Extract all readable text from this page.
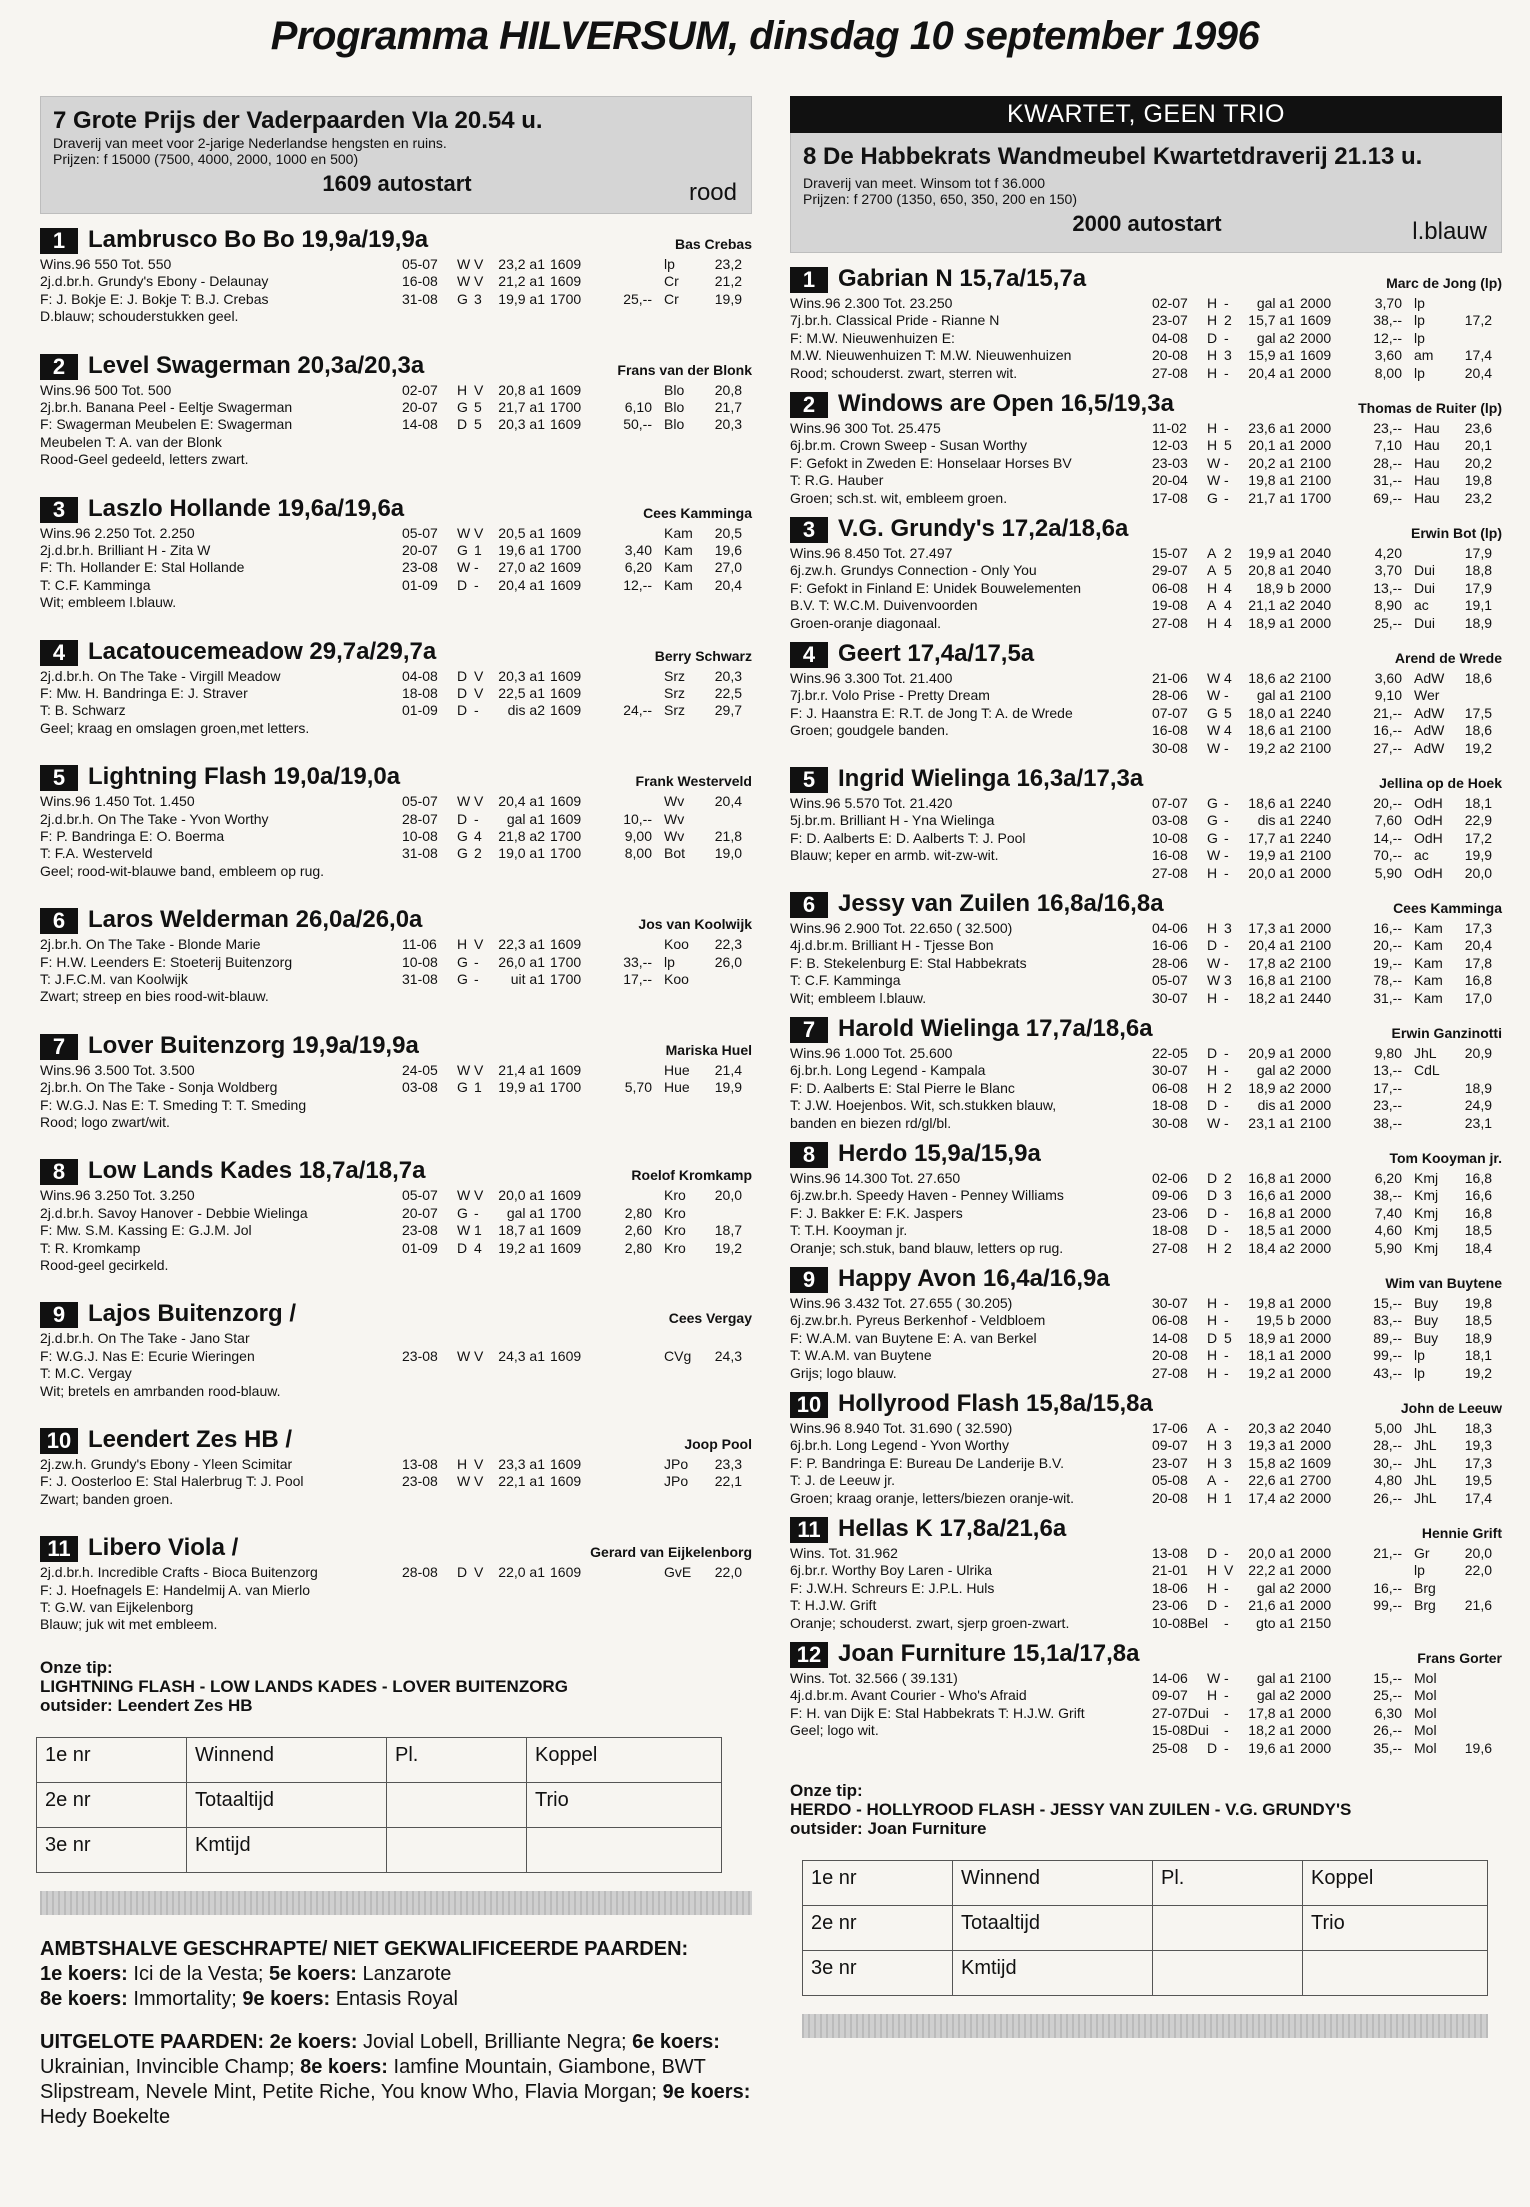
Programma HILVERSUM, dinsdag 10 september 1996
7 Grote Prijs der Vaderpaarden VIa 20.54 u.
Draverij van meet voor 2-jarige Nederlandse hengsten en ruins.
Prijzen: f 15000 (7500, 4000, 2000, 1000 en 500)
1609 autostart	rood
1 Lambrusco Bo Bo 19,9a/19,9a	Bas Crebas
Wins.96 550 Tot. 550
2j.d.br.h. Grundy's Ebony - Delaunay
F: J. Bokje E: J. Bokje T: B.J. Crebas
D.blauw; schouderstukken geel.
05-07 W V 23,2 a1 1609	lp	23,2
16-08 W V 21,2 a1 1609	Cr	21,2
31-08 G 3 19,9 a1 1700	25,-- Cr	19,9
2 Level Swagerman 20,3a/20,3a	Frans van der Blonk
Wins.96 500 Tot. 500
2j.br.h. Banana Peel - Eeltje Swagerman
F: Swagerman Meubelen E: Swagerman
Meubelen T: A. van der Blonk
Rood-Geel gedeeld, letters zwart.
02-07 H V 20,8 a1 1609	Blo 20,8
20-07 G 5 21,7 a1 1700	6,10 Blo 21,7
14-08 D 5 20,3 a1 1609	50,-- Blo 20,3
3 Laszlo Hollande 19,6a/19,6a	Cees Kamminga
Wins.96 2.250 Tot. 2.250
2j.d.br.h. Brilliant H - Zita W
F: Th. Hollander E: Stal Hollande
T: C.F. Kamminga
Wit; embleem l.blauw.
05-07 W V 20,5 a1 1609	Kam 20,5
20-07 G 1 19,6 a1 1700	3,40 Kam 19,6
23-08 W - 27,0 a2 1609	6,20 Kam 27,0
01-09 D - 20,4 a1 1609	12,-- Kam 20,4
4 Lacatoucemeadow 29,7a/29,7a	Berry Schwarz
2j.d.br.h. On The Take - Virgill Meadow
F: Mw. H. Bandringa E: J. Straver
T: B. Schwarz
Geel; kraag en omslagen groen,met letters.
04-08 D V 20,3 a1 1609	Srz 20,3
18-08 D V 22,5 a1 1609	Srz 22,5
01-09 D - dis a2 1609	24,-- Srz 29,7
5 Lightning Flash 19,0a/19,0a	Frank Westerveld
Wins.96 1.450 Tot. 1.450
2j.d.br.h. On The Take - Yvon Worthy
F: P. Bandringa E: O. Boerma
T: F.A. Westerveld
Geel; rood-wit-blauwe band, embleem op rug.
05-07 W V 20,4 a1 1609	Wv 20,4
28-07 D - gal a1 1609	10,-- Wv
10-08 G 4 21,8 a2 1700	9,00 Wv 21,8
31-08 G 2 19,0 a1 1700	8,00 Bot 19,0
6 Laros Welderman 26,0a/26,0a	Jos van Koolwijk
2j.br.h. On The Take - Blonde Marie
F: H.W. Leenders E: Stoeterij Buitenzorg
T: J.F.C.M. van Koolwijk
Zwart; streep en bies rood-wit-blauw.
11-06 H V 22,3 a1 1609	Koo 22,3
10-08 G - 26,0 a1 1700	33,-- lp	26,0
31-08 G - uit a1 1700	17,-- Koo
7 Lover Buitenzorg 19,9a/19,9a	Mariska Huel
Wins.96 3.500 Tot. 3.500
2j.br.h. On The Take - Sonja Woldberg
F: W.G.J. Nas E: T. Smeding T: T. Smeding
Rood; logo zwart/wit.
24-05 W V 21,4 a1 1609	Hue 21,4
03-08 G 1 19,9 a1 1700	5,70 Hue 19,9
8 Low Lands Kades 18,7a/18,7a	Roelof Kromkamp
Wins.96 3.250 Tot. 3.250
2j.d.br.h. Savoy Hanover - Debbie Wielinga
F: Mw. S.M. Kassing E: G.J.M. Jol
T: R. Kromkamp
Rood-geel gecirkeld.
05-07 W V 20,0 a1 1609	Kro 20,0
20-07 G - gal a1 1700	2,80 Kro
23-08 W 1 18,7 a1 1609	2,60 Kro 18,7
01-09 D 4 19,2 a1 1609	2,80 Kro 19,2
9 Lajos Buitenzorg /	Cees Vergay
2j.d.br.h. On The Take - Jano Star
F: W.G.J. Nas E: Ecurie Wieringen
T: M.C. Vergay
Wit; bretels en amrbanden rood-blauw.
23-08 W V 24,3 a1 1609	CVg 24,3
10 Leendert Zes HB /	Joop Pool
2j.zw.h. Grundy's Ebony - Yleen Scimitar
F: J. Oosterloo E: Stal Halerbrug T: J. Pool
Zwart; banden groen.
13-08 H V 23,3 a1 1609	JPo 23,3
23-08 W V 22,1 a1 1609	JPo 22,1
11 Libero Viola /	Gerard van Eijkelenborg
2j.d.br.h. Incredible Crafts - Bioca Buitenzorg
F: J. Hoefnagels E: Handelmij A. van Mierlo
T: G.W. van Eijkelenborg
Blauw; juk wit met embleem.
28-08 D V 22,0 a1 1609	GvE 22,0
Onze tip:
LIGHTNING FLASH - LOW LANDS KADES - LOVER BUITENZORG
outsider: Leendert Zes HB
1e nr	Winnend	Pl.	Koppel
2e nr	Totaaltijd		Trio
3e nr	Kmtijd		
AMBTSHALVE GESCHRAPTE/ NIET GEKWALIFICEERDE PAARDEN:
1e koers: Ici de la Vesta; 5e koers: Lanzarote
8e koers: Immortality; 9e koers: Entasis Royal
UITGELOTE PAARDEN: 2e koers: Jovial Lobell, Brilliante Negra; 6e koers: Ukrainian, Invincible Champ; 8e koers: Iamfine Mountain, Giambone, BWT Slipstream, Nevele Mint, Petite Riche, You know Who, Flavia Morgan; 9e koers: Hedy Boekelte
KWARTET, GEEN TRIO
8 De Habbekrats Wandmeubel Kwartetdraverij 21.13 u.
Draverij van meet. Winsom tot f 36.000
Prijzen: f 2700 (1350, 650, 350, 200 en 150)
2000 autostart	l.blauw
1 Gabrian N 15,7a/15,7a	Marc de Jong (lp)
Wins.96 2.300 Tot. 23.250
7j.br.h. Classical Pride - Rianne N
F: M.W. Nieuwenhuizen E:
M.W. Nieuwenhuizen T: M.W. Nieuwenhuizen
Rood; schouderst. zwart, sterren wit.
02-07 H - gal a1 2000	3,70 lp
23-07 H 2 15,7 a1 1609	38,-- lp	17,2
04-08 D - gal a2 2000	12,-- lp
20-08 H 3 15,9 a1 1609	3,60 am 17,4
27-08 H - 20,4 a1 2000	8,00 lp	20,4
2 Windows are Open 16,5/19,3a	Thomas de Ruiter (lp)
Wins.96 300 Tot. 25.475
6j.br.m. Crown Sweep - Susan Worthy
F: Gefokt in Zweden E: Honselaar Horses BV
T: R.G. Hauber
Groen; sch.st. wit, embleem groen.
11-02 H - 23,6 a1 2000	23,-- Hau 23,6
12-03 H 5 20,1 a1 2000	7,10 Hau 20,1
23-03 W - 20,2 a1 2100	28,-- Hau 20,2
20-04 W - 19,8 a1 2100	31,-- Hau 19,8
17-08 G - 21,7 a1 1700	69,-- Hau 23,2
3 V.G. Grundy's 17,2a/18,6a	Erwin Bot (lp)
Wins.96 8.450 Tot. 27.497
6j.zw.h. Grundys Connection - Only You
F: Gefokt in Finland E: Unidek Bouwelementen
B.V. T: W.C.M. Duivenvoorden
Groen-oranje diagonaal.
15-07 A 2 19,9 a1 2040	4,20	17,9
29-07 A 5 20,8 a1 2040	3,70 Dui 18,8
06-08 H 4 18,9 b 2000	13,-- Dui 17,9
19-08 A 4 21,1 a2 2040	8,90 ac	19,1
27-08 H 4 18,9 a1 2000	25,-- Dui 18,9
4 Geert 17,4a/17,5a	Arend de Wrede
Wins.96 3.300 Tot. 21.400
7j.br.r. Volo Prise - Pretty Dream
F: J. Haanstra E: R.T. de Jong T: A. de Wrede
Groen; goudgele banden.
21-06 W 4 18,6 a2 2100	3,60 AdW 18,6
28-06 W - gal a1 2100	9,10 Wer
07-07 G 5 18,0 a1 2240	21,-- AdW 17,5
16-08 W 4 18,6 a1 2100	16,-- AdW 18,6
30-08 W - 19,2 a2 2100	27,-- AdW 19,2
5 Ingrid Wielinga 16,3a/17,3a	Jellina op de Hoek
Wins.96 5.570 Tot. 21.420
5j.br.m. Brilliant H - Yna Wielinga
F: D. Aalberts E: D. Aalberts T: J. Pool
Blauw; keper en armb. wit-zw-wit.
07-07 G - 18,6 a1 2240	20,-- OdH 18,1
03-08 G - dis a1 2240	7,60 OdH 22,9
10-08 G - 17,7 a1 2240	14,-- OdH 17,2
16-08 W - 19,9 a1 2100	70,-- ac	19,9
27-08 H - 20,0 a1 2000	5,90 OdH 20,0
6 Jessy van Zuilen 16,8a/16,8a	Cees Kamminga
Wins.96 2.900 Tot. 22.650 ( 32.500)
4j.d.br.m. Brilliant H - Tjesse Bon
F: B. Stekelenburg E: Stal Habbekrats
T: C.F. Kamminga
Wit; embleem l.blauw.
04-06 H 3 17,3 a1 2000	16,-- Kam 17,3
16-06 D - 20,4 a1 2100	20,-- Kam 20,4
28-06 W - 17,8 a2 2100	19,-- Kam 17,8
05-07 W 3 16,8 a1 2100	78,-- Kam 16,8
30-07 H - 18,2 a1 2440	31,-- Kam 17,0
7 Harold Wielinga 17,7a/18,6a	Erwin Ganzinotti
Wins.96 1.000 Tot. 25.600
6j.br.h. Long Legend - Kampala
F: D. Aalberts E: Stal Pierre le Blanc
T: J.W. Hoejenbos. Wit, sch.stukken blauw,
banden en biezen rd/gl/bl.
22-05 D - 20,9 a1 2000	9,80 JhL 20,9
30-07 H - gal a2 2000	13,-- CdL
06-08 H 2 18,9 a2 2000	17,--	18,9
18-08 D - dis a1 2000	23,--	24,9
30-08 W - 23,1 a1 2100	38,--	23,1
8 Herdo 15,9a/15,9a	Tom Kooyman jr.
Wins.96 14.300 Tot. 27.650
6j.zw.br.h. Speedy Haven - Penney Williams
F: J. Bakker E: F.K. Jaspers
T: T.H. Kooyman jr.
Oranje; sch.stuk, band blauw, letters op rug.
02-06 D 2 16,8 a1 2000	6,20 Kmj 16,8
09-06 D 3 16,6 a1 2000	38,-- Kmj 16,6
23-06 D - 16,8 a1 2000	7,40 Kmj 16,8
18-08 D - 18,5 a1 2000	4,60 Kmj 18,5
27-08 H 2 18,4 a2 2000	5,90 Kmj 18,4
9 Happy Avon 16,4a/16,9a	Wim van Buytene
Wins.96 3.432 Tot. 27.655 ( 30.205)
6j.zw.br.h. Pyreus Berkenhof - Veldbloem
F: W.A.M. van Buytene E: A. van Berkel
T: W.A.M. van Buytene
Grijs; logo blauw.
30-07 H - 19,8 a1 2000	15,-- Buy 19,8
06-08 H - 19,5 b 2000	83,-- Buy 18,5
14-08 D 5 18,9 a1 2000	89,-- Buy 18,9
20-08 H - 18,1 a1 2000	99,-- lp	18,1
27-08 H - 19,2 a1 2000	43,-- lp	19,2
10 Hollyrood Flash 15,8a/15,8a	John de Leeuw
Wins.96 8.940 Tot. 31.690 ( 32.590)
6j.br.h. Long Legend - Yvon Worthy
F: P. Bandringa E: Bureau De Landerije B.V.
T: J. de Leeuw jr.
Groen; kraag oranje, letters/biezen oranje-wit.
17-06 A - 20,3 a2 2040	5,00 JhL 18,3
09-07 H 3 19,3 a1 2000	28,-- JhL 19,3
23-07 H 3 15,8 a2 1609	30,-- JhL 17,3
05-08 A - 22,6 a1 2700	4,80 JhL 19,5
20-08 H 1 17,4 a2 2000	26,-- JhL 17,4
11 Hellas K 17,8a/21,6a	Hennie Grift
Wins. Tot. 31.962
6j.br.r. Worthy Boy Laren - Ulrika
F: J.W.H. Schreurs E: J.P.L. Huls
T: H.J.W. Grift
Oranje; schouderst. zwart, sjerp groen-zwart.
13-08 D - 20,0 a1 2000	21,-- Gr	20,0
21-01 H V 22,2 a1 2000	lp	22,0
18-06 H - gal a2 2000	16,-- Brg
23-06 D - 21,6 a1 2000	99,-- Brg 21,6
10-08Bel - gto a1 2150
12 Joan Furniture 15,1a/17,8a	Frans Gorter
Wins. Tot. 32.566 ( 39.131)
4j.d.br.m. Avant Courier - Who's Afraid
F: H. van Dijk E: Stal Habbekrats T: H.J.W. Grift
Geel; logo wit.
14-06 W - gal a1 2100	15,-- Mol
09-07 H - gal a2 2000	25,-- Mol
27-07Dui - 17,8 a1 2000	6,30 Mol
15-08Dui - 18,2 a1 2000	26,-- Mol
25-08 D - 19,6 a1 2000	35,-- Mol 19,6
Onze tip:
HERDO - HOLLYROOD FLASH - JESSY VAN ZUILEN - V.G. GRUNDY'S
outsider: Joan Furniture
1e nr	Winnend	Pl.	Koppel
2e nr	Totaaltijd		Trio
3e nr	Kmtijd		
